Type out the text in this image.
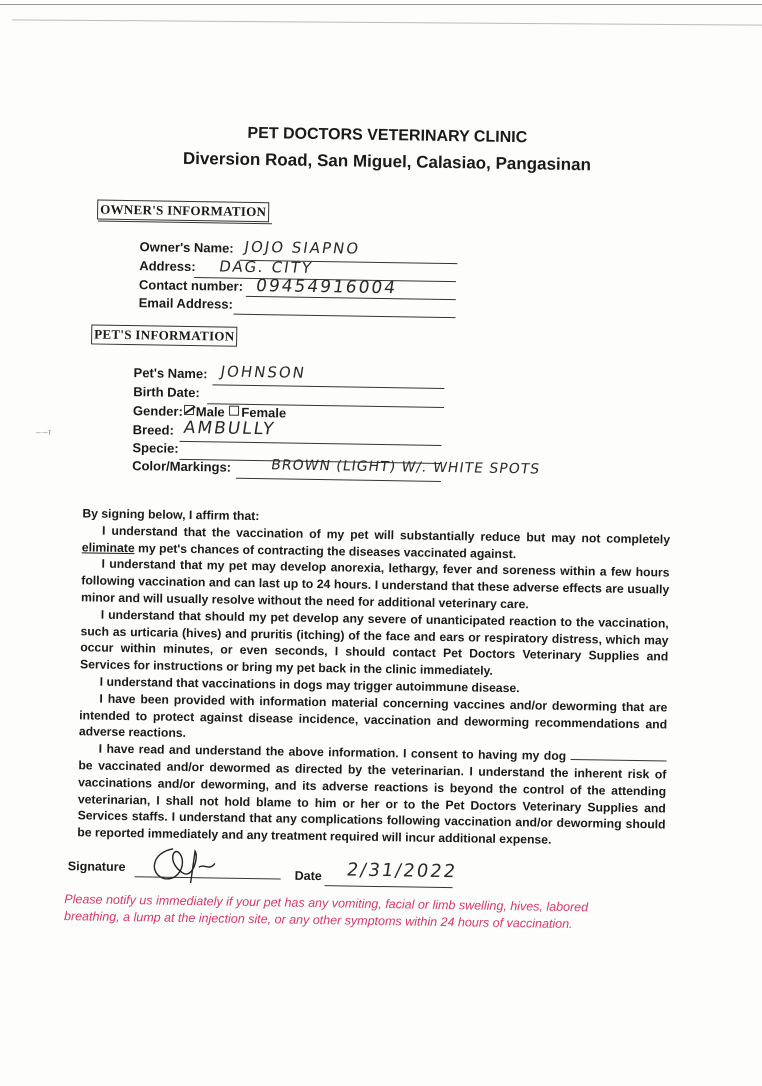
–·–ᴛ
PET DOCTORS VETERINARY CLINIC
Diversion Road, San Miguel, Calasiao, Pangasinan
OWNER'S INFORMATION
Owner's Name: JOJO SIAPNO
Address: DAG. CITY
Contact number: 09454916004
Email Address:
PET'S INFORMATION
Pet's Name: JOHNSON
Birth Date:
Gender: Male Female
Breed: AMBULLY
Specie:
Color/Markings:	BROWN (LIGHT) W/. WHITE SPOTS

By signing below, I affirm that:

I understand that the vaccination of my pet will substantially reduce but may not completely eliminate my pet's chances of contracting the diseases vaccinated against.

I understand that my pet may develop anorexia, lethargy, fever and soreness within a few hours following vaccination and can last up to 24 hours. I understand that these adverse effects are usually minor and will usually resolve without the need for additional veterinary care.

I understand that should my pet develop any severe of unanticipated reaction to the vaccination, such as urticaria (hives) and pruritis (itching) of the face and ears or respiratory distress, which may occur within minutes, or even seconds, I should contact Pet Doctors Veterinary Supplies and Services for instructions or bring my pet back in the clinic immediately.

I understand that vaccinations in dogs may trigger autoimmune disease.

I have been provided with information material concerning vaccines and/or deworming that are intended to protect against disease incidence, vaccination and deworming recommendations and adverse reactions.

I have read and understand the above information. I consent to having my dog  be vaccinated and/or dewormed as directed by the veterinarian. I understand the inherent risk of vaccinations and/or deworming, and its adverse reactions is beyond the control of the attending veterinarian, I shall not hold blame to him or her or to the Pet Doctors Veterinary Supplies and Services staffs. I understand that any complications following vaccination and/or deworming should be reported immediately and any treatment required will incur additional expense.

Signature
Date 2/31/2022
Please notify us immediately if your pet has any vomiting, facial or limb swelling, hives, labored breathing, a lump at the injection site, or any other symptoms within 24 hours of vaccination.
